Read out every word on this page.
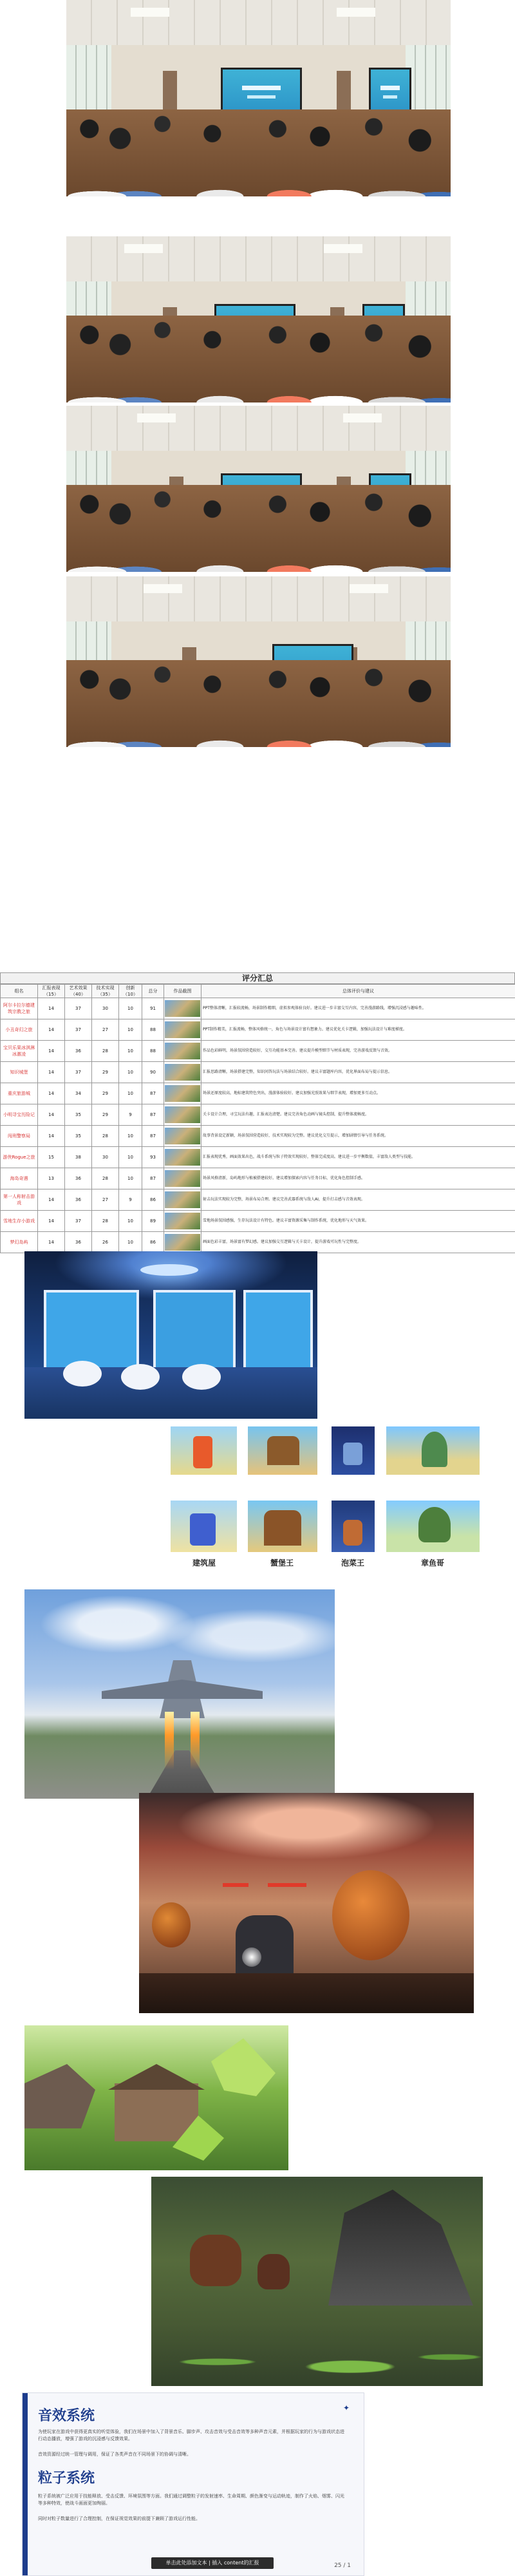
评分汇总
组名	汇报表现（15）	艺术效果（40）	技术实现（35）	创新（10）	总分	作品截图	总体评价与建议
阿尔卡拉尔德建筑宗教之旅	14	37	30	10	91		PPT整体清晰，汇报较流畅，场景制作精细，虚拟参观体验良好。建议进一步丰富交互内容，完善漫游路线，增强沉浸感与趣味性。
小丑奇幻之旅	14	37	27	10	88		PPT制作精美，汇报流畅，整体风格统一，角色与场景设计富有想象力。建议优化关卡逻辑，加强玩法设计与难度梯度。
宝贝乐果冰淇淋冰激凌	14	36	28	10	88		作品色彩鲜明，场景氛围营造较好，交互功能基本完善。建议提升模型细节与材质表现，完善游戏反馈与音效。
知识城堡	14	37	29	10	90		汇报思路清晰，场景搭建完整，知识问答玩法与场景结合较好。建议丰富题库内容，优化界面布局与提示信息。
重庆旅游城	14	34	29	10	87		场景还原度较高，地标建筑特色突出，漫游体验较好。建议加强光照效果与细节表现，增加更多互动点。
小明寻宝历险记	14	35	29	9	87		关卡设计合理，寻宝玩法有趣，汇报表达清楚。建议完善角色动画与镜头控制，提升整体流畅度。
闯刑警察局	14	35	28	10	87		故事背景设定新颖，场景氛围营造较好，技术实现较为完整。建议优化交互提示，增加剧情引导与任务系统。
游侠Rogue之旅	15	38	30	10	93		汇报表现优秀，画面效果出色，战斗系统与粒子特效实现较好，整体完成度高。建议进一步平衡数值，丰富敌人类型与技能。
海岛奇遇	13	36	28	10	87		场景风格清新，岛屿地形与植被搭建较好。建议增加探索内容与任务目标，优化角色控制手感。
第一人称射击游戏	14	36	27	9	86		射击玩法实现较为完整，场景布局合理。建议完善武器系统与敌人AI，提升打击感与音效表现。
雪地生存小游戏	14	37	28	10	89		雪地场景氛围感强，生存玩法设计有特色。建议丰富资源采集与制作系统，优化地形与天气效果。
梦幻岛屿	14	36	26	10	86		画面色彩丰富，场景富有梦幻感。建议加强交互逻辑与关卡设计，提升游戏可玩性与完整度。
建筑屋	蟹堡王	泡菜王	章鱼哥
✦
音效系统

为使玩家在游戏中获得更真实的听觉体验，我们在场景中加入了背景音乐、脚步声、攻击音效与受击音效等多种声音元素，并根据玩家的行为与游戏状态进行动态播放，增强了游戏的沉浸感与反馈效果。

音效资源经过统一管理与调用，保证了各类声音在不同场景下的协调与清晰。

粒子系统

粒子系统被广泛应用于技能释放、受击反馈、环境氛围等方面。我们通过调整粒子的发射速率、生命周期、颜色渐变与运动轨迹，制作了火焰、烟雾、闪光等多种特效，使战斗画面更加绚丽。

同时对粒子数量进行了合理控制，在保证视觉效果的前提下兼顾了游戏运行性能。

单击此处添加文本 | 插入 content的汇报	25 / 1
